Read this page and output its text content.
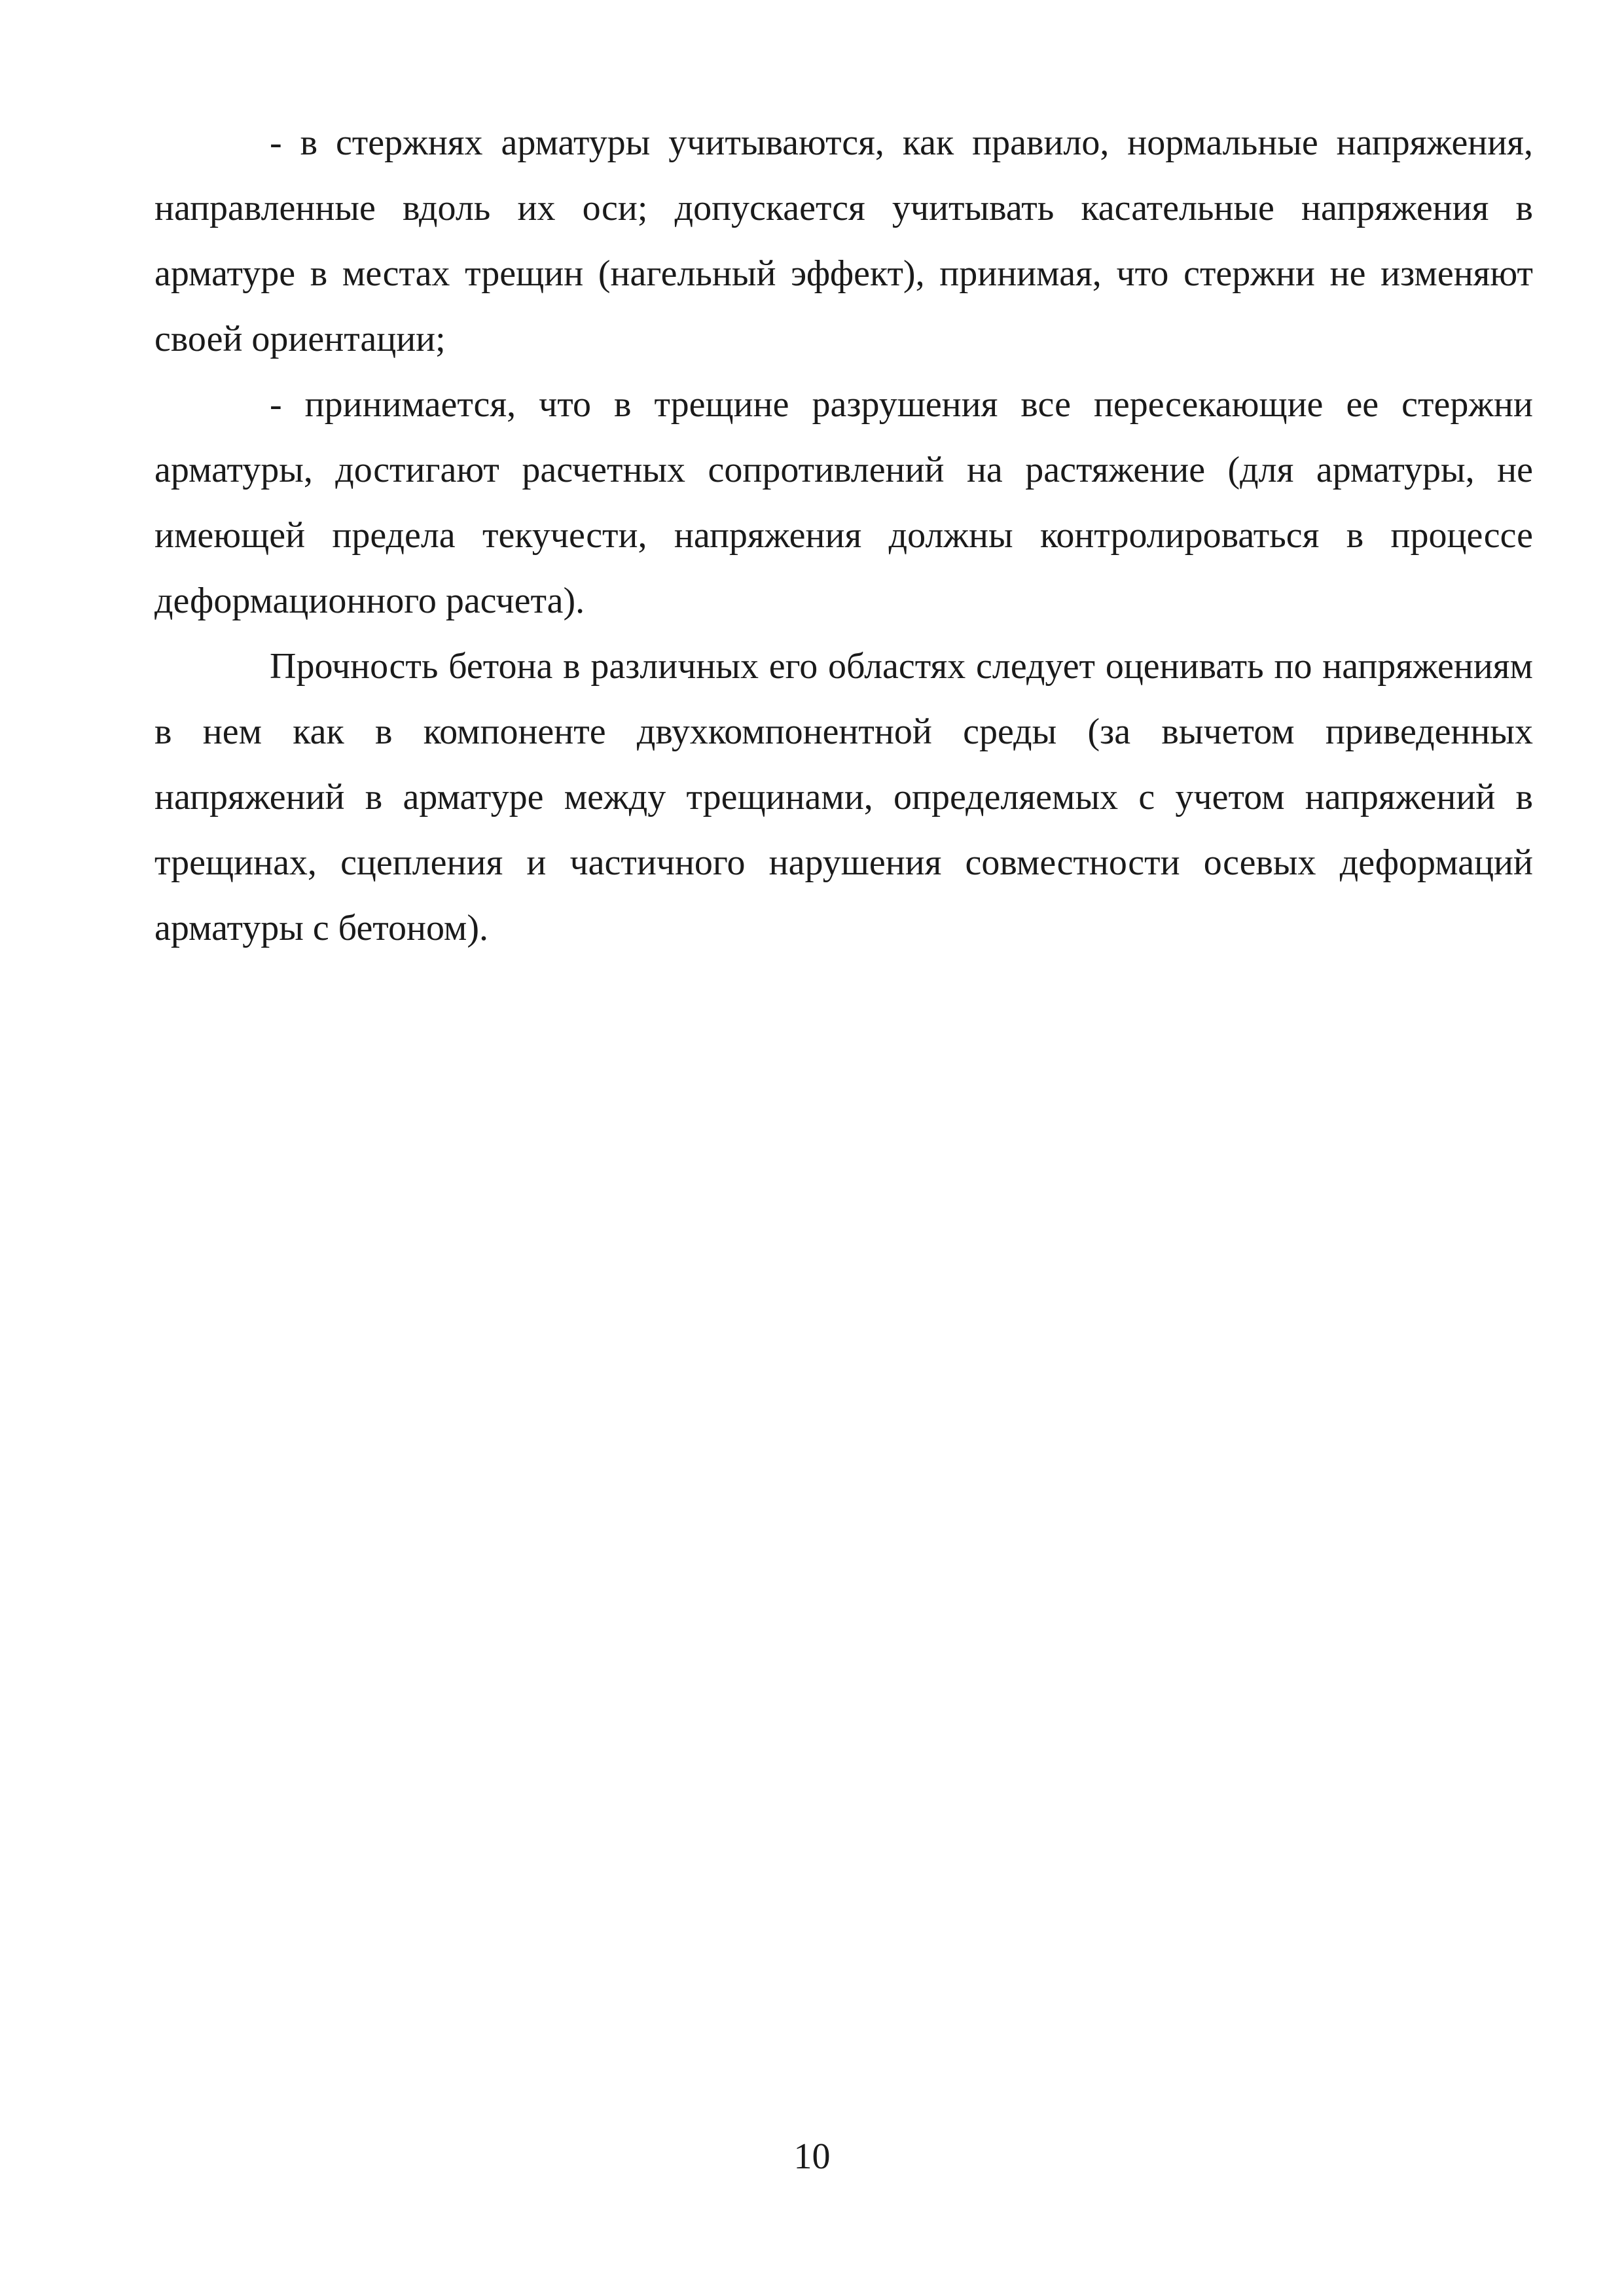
- в стержнях арматуры учитываются, как правило, нормальные напряжения, направленные вдоль их оси; допускается учитывать касательные напряжения в арматуре в местах трещин (нагельный эффект), принимая, что стержни не изменяют своей ориентации;

- принимается, что в трещине разрушения все пересекающие ее стержни арматуры, достигают расчетных сопротивлений на растяжение (для арматуры, не имеющей предела текучести, напряжения должны контролироваться в процессе деформационного расчета).

Прочность бетона в различных его областях следует оценивать по напряжениям в нем как в компоненте двухкомпонентной среды (за вычетом приведенных напряжений в арматуре между трещинами, определяемых с учетом напряжений в трещинах, сцепления и частичного нарушения совместности осевых деформаций арматуры с бетоном).

10
